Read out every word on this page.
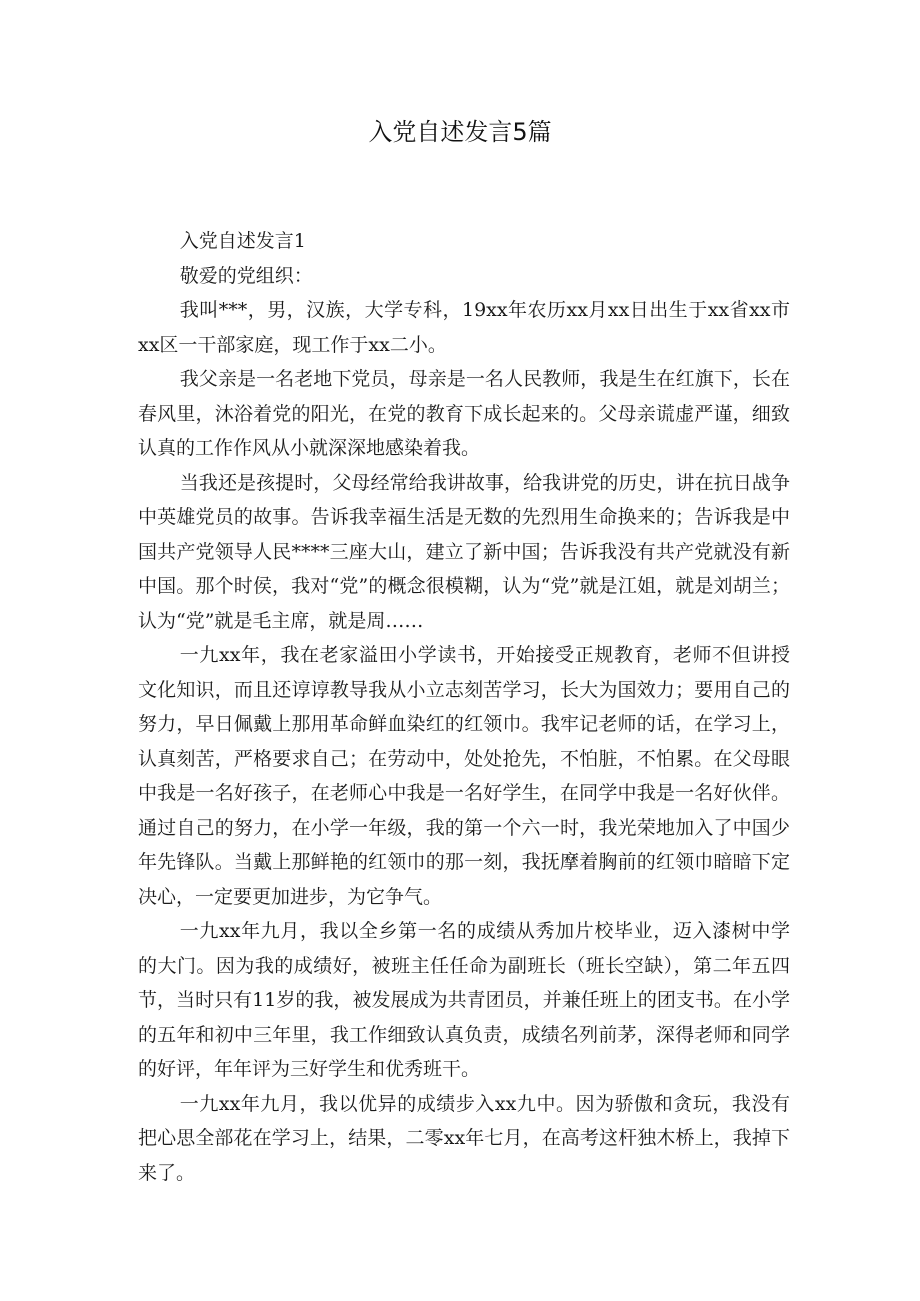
入党自述发言5篇

入党自述发言1

敬爱的党组织：

我叫***，男，汉族，大学专科，19xx年农历xx月xx日出生于xx省xx市xx区一干部家庭，现工作于xx二小。

我父亲是一名老地下党员，母亲是一名人民教师，我是生在红旗下，长在春风里，沐浴着党的阳光，在党的教育下成长起来的。父母亲谎虚严谨，细致认真的工作作风从小就深深地感染着我。

当我还是孩提时，父母经常给我讲故事，给我讲党的历史，讲在抗日战争中英雄党员的故事。告诉我幸福生活是无数的先烈用生命换来的；告诉我是中国共产党领导人民****三座大山，建立了新中国；告诉我没有共产党就没有新中国。那个时侯，我对“党”的概念很模糊，认为“党”就是江姐，就是刘胡兰；认为“党”就是毛主席，就是周……

一九xx年，我在老家溢田小学读书，开始接受正规教育，老师不但讲授文化知识，而且还谆谆教导我从小立志刻苦学习，长大为国效力；要用自己的努力，早日佩戴上那用革命鲜血染红的红领巾。我牢记老师的话，在学习上，认真刻苦，严格要求自己；在劳动中，处处抢先，不怕脏，不怕累。在父母眼中我是一名好孩子，在老师心中我是一名好学生，在同学中我是一名好伙伴。通过自己的努力，在小学一年级，我的第一个六一时，我光荣地加入了中国少年先锋队。当戴上那鲜艳的红领巾的那一刻，我抚摩着胸前的红领巾暗暗下定决心，一定要更加进步，为它争气。

一九xx年九月，我以全乡第一名的成绩从秀加片校毕业，迈入漆树中学的大门。因为我的成绩好，被班主任任命为副班长（班长空缺），第二年五四节，当时只有11岁的我，被发展成为共青团员，并兼任班上的团支书。在小学的五年和初中三年里，我工作细致认真负责，成绩名列前茅，深得老师和同学的好评，年年评为三好学生和优秀班干。

一九xx年九月，我以优异的成绩步入xx九中。因为骄傲和贪玩，我没有把心思全部花在学习上，结果，二零xx年七月，在高考这杆独木桥上，我掉下来了。
